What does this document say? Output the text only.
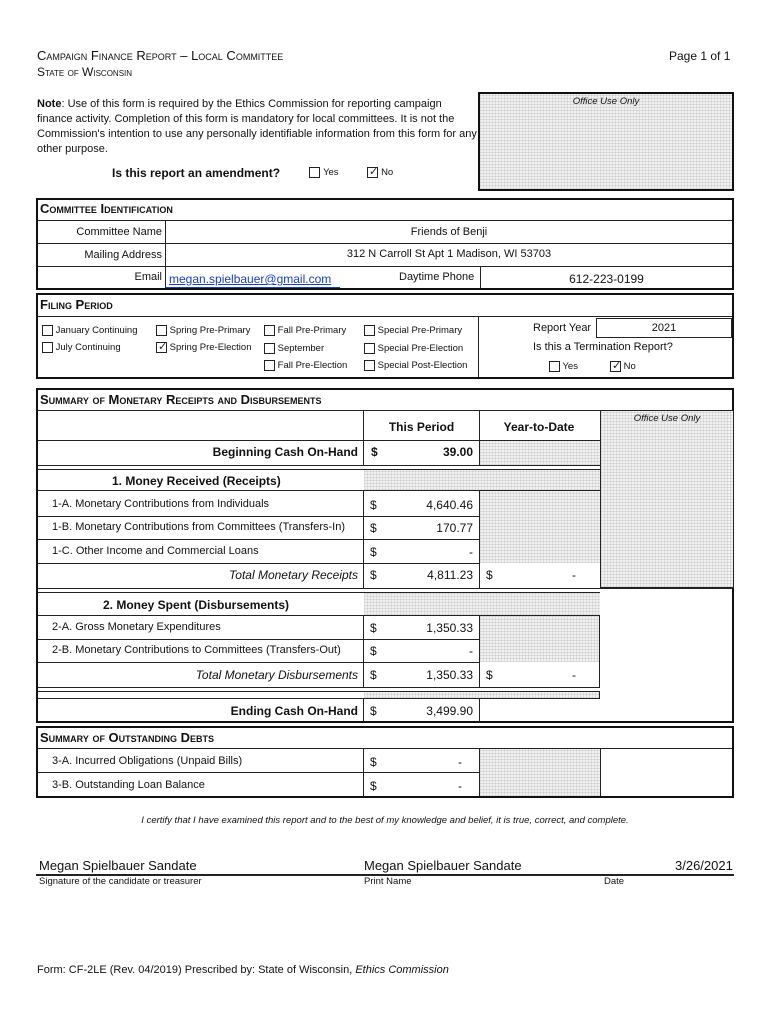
Campaign Finance Report – Local Committee
State of Wisconsin
Page 1 of 1
Note: Use of this form is required by the Ethics Commission for reporting campaign finance activity. Completion of this form is mandatory for local committees. It is not the Commission's intention to use any personally identifiable information from this form for any other purpose.
Office Use Only
Is this report an amendment?	Yes ✓	No
Committee Identification
Committee Name	Friends of Benji
Mailing Address	312 N Carroll St Apt 1 Madison, WI 53703
Email megan.spielbauer@gmail.com	Daytime Phone	612-223-0199
Filing Period
January Continuing
July Continuing
Spring Pre-Primary
✓ Spring Pre-Election
Fall Pre-Primary
September
Fall Pre-Election
Special Pre-Primary
Special Pre-Election
Special Post-Election
Report Year	2021
Is this a Termination Report?
Yes ✓	No
Summary of Monetary Receipts and Disbursements
Office Use Only
This Period	Year-to-Date
Beginning Cash On-Hand $	39.00
1. Money Received (Receipts)
1-A. Monetary Contributions from Individuals	$	4,640.46
1-B. Monetary Contributions from Committees (Transfers-In) $	170.77
1-C. Other Income and Commercial Loans	$	-
Total Monetary Receipts $	4,811.23 $	-
2. Money Spent (Disbursements)
2-A. Gross Monetary Expenditures	$	1,350.33
2-B. Monetary Contributions to Committees (Transfers-Out) $	-
Total Monetary Disbursements $	1,350.33 $	-
Ending Cash On-Hand $	3,499.90
Summary of Outstanding Debts
3-A. Incurred Obligations (Unpaid Bills)	$	-
3-B. Outstanding Loan Balance	$	-
I certify that I have examined this report and to the best of my knowledge and belief, it is true, correct, and complete.
Megan Spielbauer Sandate	Megan Spielbauer Sandate	3/26/2021
Signature of the candidate or treasurer	Print Name	Date
Form: CF-2LE (Rev. 04/2019) Prescribed by: State of Wisconsin, Ethics Commission
